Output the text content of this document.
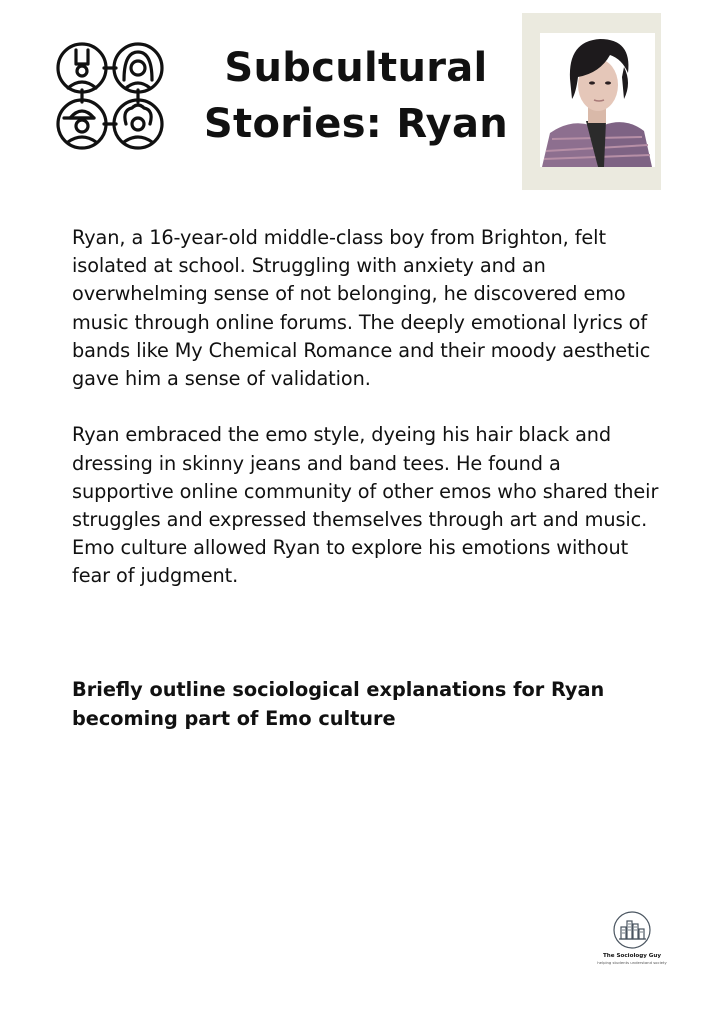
Subcultural
Stories: Ryan

Ryan, a 16-year-old middle-class boy from Brighton, felt isolated at school. Struggling with anxiety and an overwhelming sense of not belonging, he discovered emo music through online forums. The deeply emotional lyrics of bands like My Chemical Romance and their moody aesthetic gave him a sense of validation.

Ryan embraced the emo style, dyeing his hair black and dressing in skinny jeans and band tees. He found a supportive online community of other emos who shared their struggles and expressed themselves through art and music. Emo culture allowed Ryan to explore his emotions without fear of judgment.

Briefly outline sociological explanations for Ryan becoming part of Emo culture
The Sociology Guy
helping students understand society
